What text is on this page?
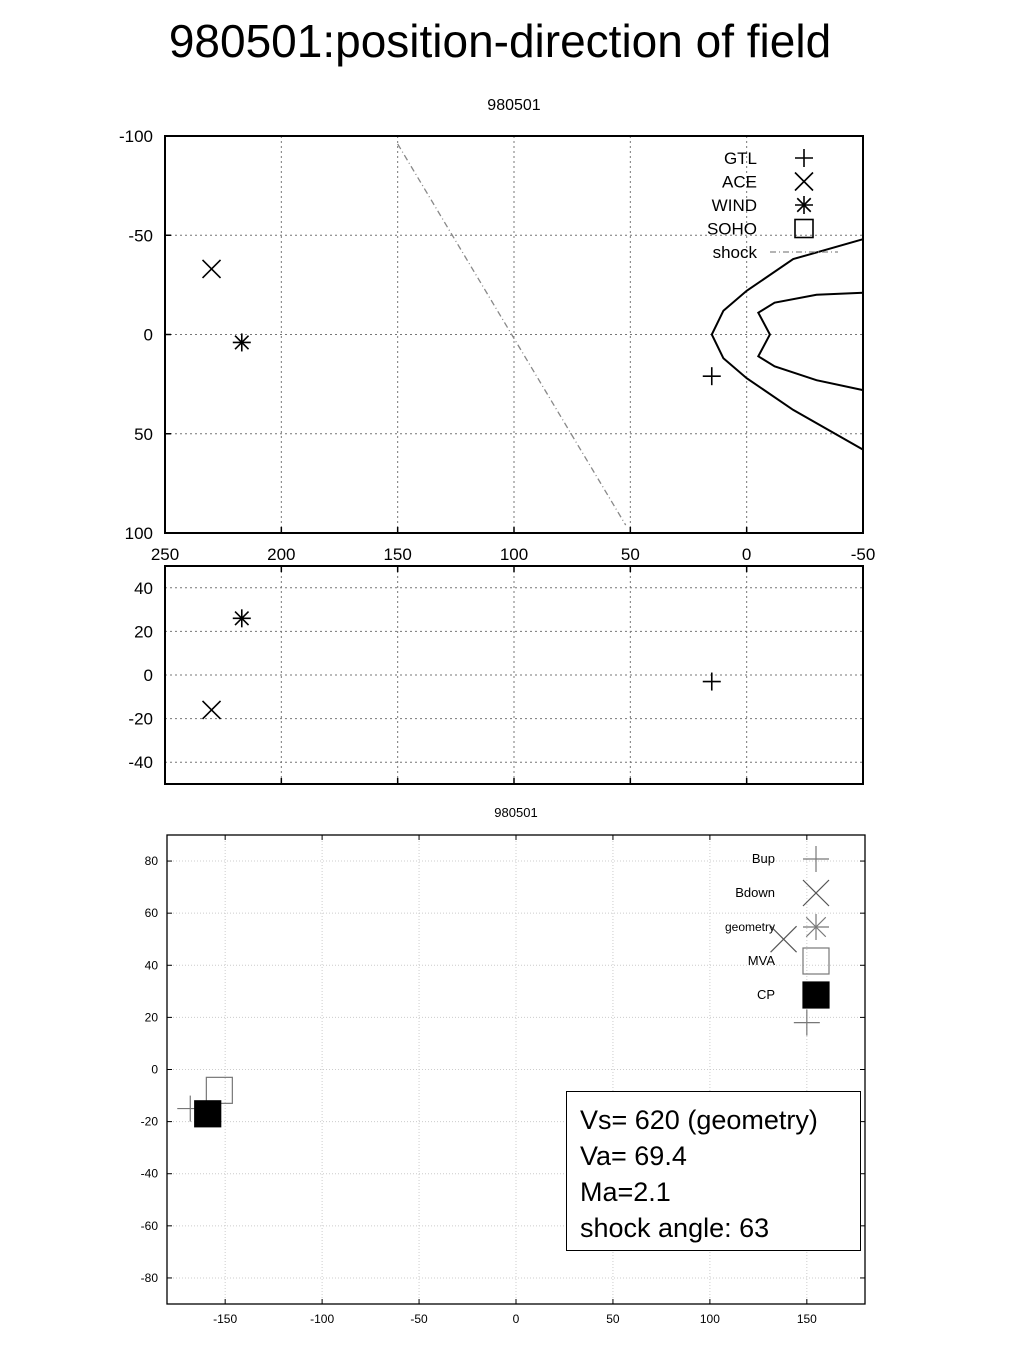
980501:position-direction of field
980501
250	200	150	100	50	0	-50
-100
-50
0
50
100
GTL
ACE
WIND
SOHO
shock
40
20
0
-20
-40
980501
-150	-100	-50	0	50	100	150
80
60
40
20
0
-20
-40
-60
-80
Bup
Bdown
geometry
MVA
CP
Vs= 620 (geometry)
Va= 69.4
Ma=2.1
shock angle: 63
